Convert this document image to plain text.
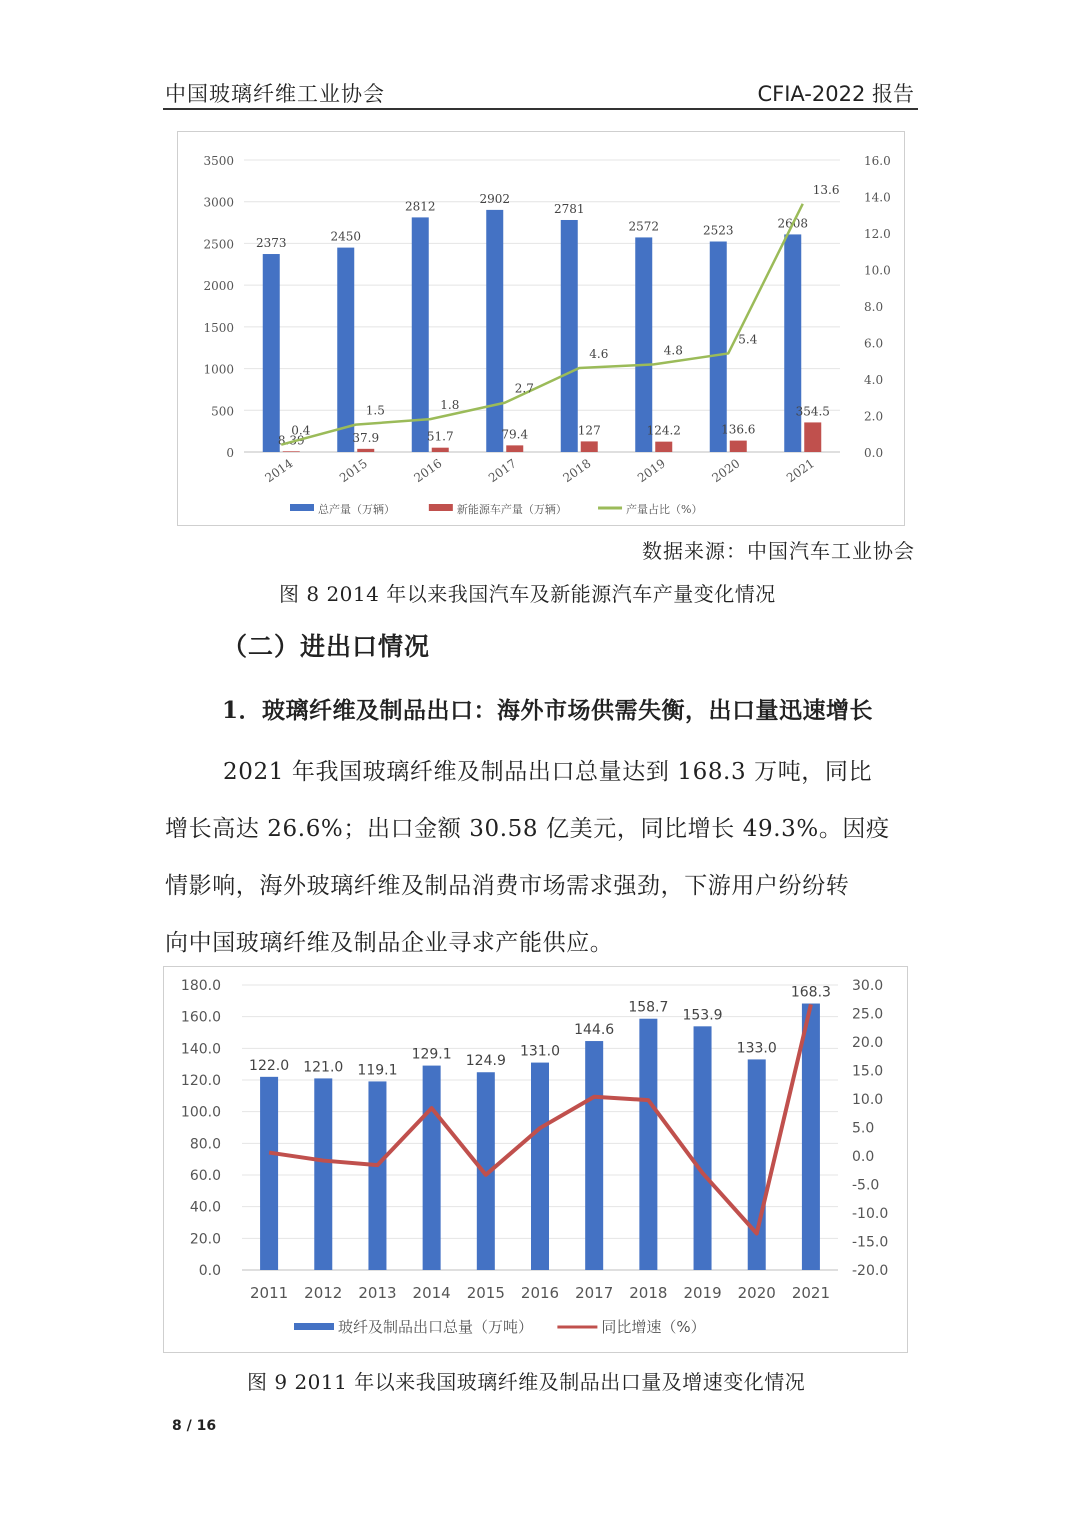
中国玻璃纤维工业协会	CFIA-2022 报告
0
500
1000
1500
2000
2500
3000
3500
0.0
2.0
4.0
6.0
8.0
10.0
12.0
14.0
16.0
2014	2015	2016	2017	2018	2019	2020	2021
2373	2450
2812
2902
2781
2572	2523
2608
8.39	37.9	51.7	79.4	127	124.2	136.6
354.5
0.4
1.5	1.8
2.7
4.6	4.8
5.4
13.6
总产量（万辆）	新能源车产量（万辆）	产量占比（%）
数据来源：中国汽车工业协会
图 8 2014 年以来我国汽车及新能源汽车产量变化情况
（二）进出口情况
1．玻璃纤维及制品出口：海外市场供需失衡，出口量迅速增长
2021 年我国玻璃纤维及制品出口总量达到 168.3 万吨，同比
增长高达 26.6%；出口金额 30.58 亿美元，同比增长 49.3%。因疫
情影响，海外玻璃纤维及制品消费市场需求强劲，下游用户纷纷转
向中国玻璃纤维及制品企业寻求产能供应。
0.0
20.0
40.0
60.0
80.0
100.0
120.0
140.0
160.0
180.0
-20.0
-15.0
-10.0
-5.0
0.0
5.0
10.0
15.0
20.0
25.0
30.0
2011 2012 2013 2014 2015 2016 2017 2018 2019 2020 2021
122.0 121.0 119.1
129.1 124.9
131.0
144.6
158.7 153.9
133.0
168.3
玻纤及制品出口总量（万吨）	同比增速（%）
图 9 2011 年以来我国玻璃纤维及制品出口量及增速变化情况
8 / 16
